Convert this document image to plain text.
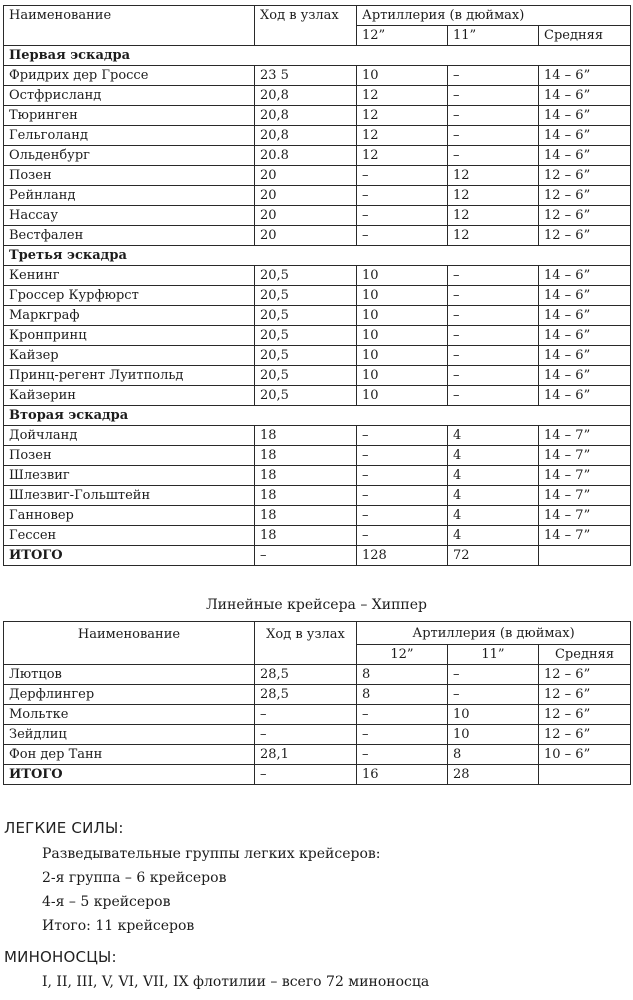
Наименование	Ход в узлах	Артиллерия (в дюймах)		
		12”	11”	Средняя
Первая эскадра				
Фридрих дер Гроссе	23 5	10	–	14 – 6”
Остфрисланд	20,8	12	–	14 – 6”
Тюринген	20,8	12	–	14 – 6”
Гельголанд	20,8	12	–	14 – 6”
Ольденбург	20.8	12	–	14 – 6”
Позен	20	–	12	12 – 6”
Рейнланд	20	–	12	12 – 6”
Нассау	20	–	12	12 – 6”
Вестфален	20	–	12	12 – 6”
Третья эскадра				
Кенинг	20,5	10	–	14 – 6”
Гроссер Курфюрст	20,5	10	–	14 – 6”
Маркграф	20,5	10	–	14 – 6”
Кронпринц	20,5	10	–	14 – 6”
Кайзер	20,5	10	–	14 – 6”
Принц-регент Луитпольд	20,5	10	–	14 – 6”
Кайзерин	20,5	10	–	14 – 6”
Вторая эскадра				
Дойчланд	18	–	4	14 – 7”
Позен	18	–	4	14 – 7”
Шлезвиг	18	–	4	14 – 7”
Шлезвиг-Гольштейн	18	–	4	14 – 7”
Ганновер	18	–	4	14 – 7”
Гессен	18	–	4	14 – 7”
ИТОГО	–	128	72	
Линейные крейсера – Хиппер
Наименование	Ход в узлах	Артиллерия (в дюймах)		
		12”	11”	Средняя
Лютцов	28,5	8	–	12 – 6”
Дерфлингер	28,5	8	–	12 – 6”
Мольтке	–	–	10	12 – 6”
Зейдлиц	–	–	10	12 – 6”
Фон дер Танн	28,1	–	8	10 – 6”
ИТОГО	–	16	28	
ЛЕГКИЕ СИЛЫ:
Разведывательные группы легких крейсеров:
2-я группа – 6 крейсеров
4-я – 5 крейсеров
Итого: 11 крейсеров
МИНОНОСЦЫ:
I, II, III, V, VI, VII, IX флотилии – всего 72 миноносца
